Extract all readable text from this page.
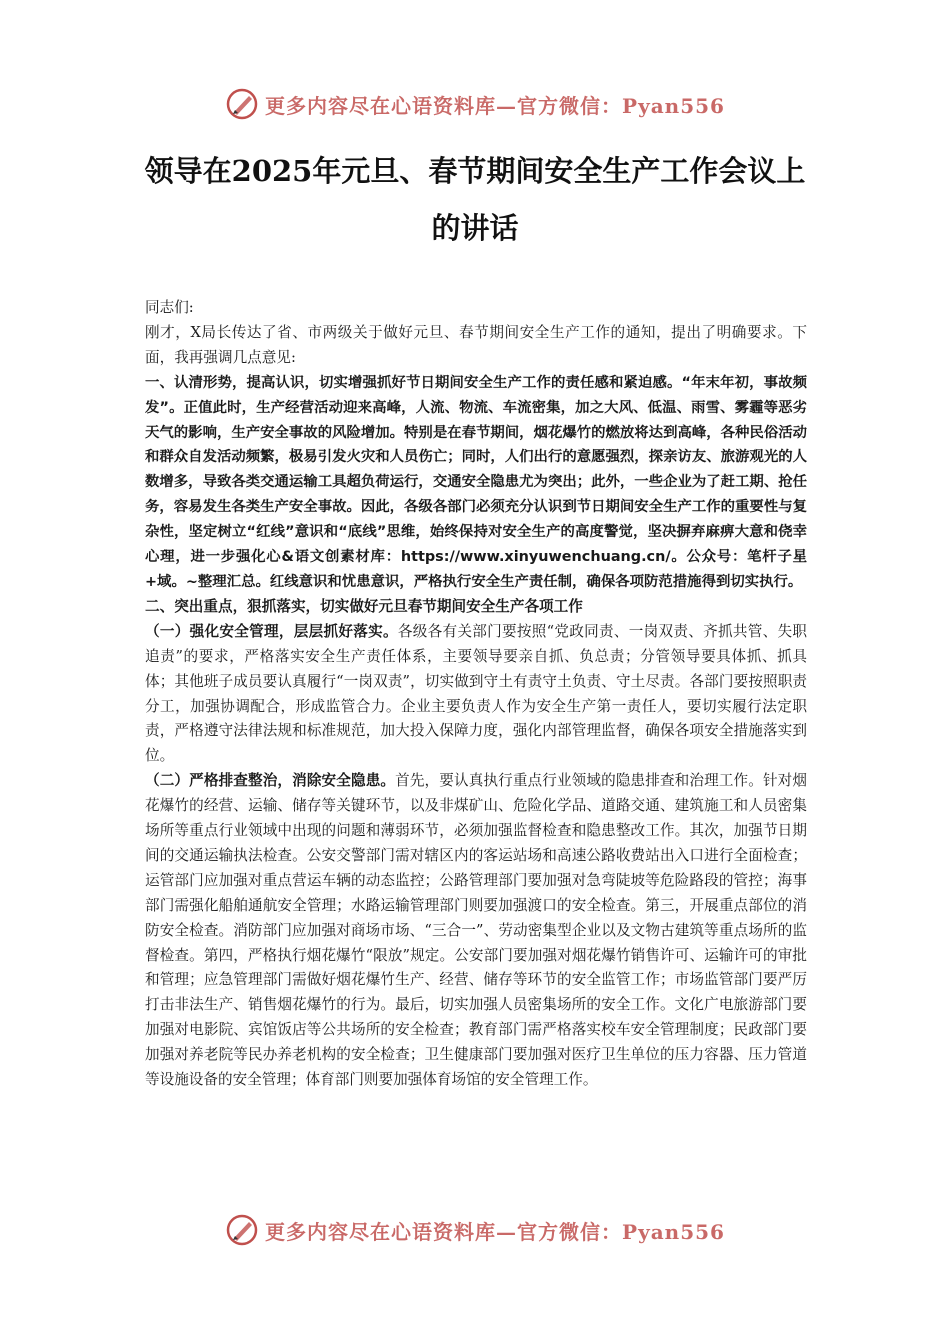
更多内容尽在心语资料库—官方微信：Pyan556
领导在2025年元旦、春节期间安全生产工作会议上的讲话

同志们:

刚才，X局长传达了省、市两级关于做好元旦、春节期间安全生产工作的通知，提出了明确要求。下面，我再强调几点意见:

一、认清形势，提高认识，切实增强抓好节日期间安全生产工作的责任感和紧迫感。“年末年初，事故频发”。正值此时，生产经营活动迎来高峰，人流、物流、车流密集，加之大风、低温、雨雪、雾霾等恶劣天气的影响，生产安全事故的风险增加。特别是在春节期间，烟花爆竹的燃放将达到高峰，各种民俗活动和群众自发活动频繁，极易引发火灾和人员伤亡；同时，人们出行的意愿强烈，探亲访友、旅游观光的人数增多，导致各类交通运输工具超负荷运行，交通安全隐患尤为突出；此外，一些企业为了赶工期、抢任务，容易发生各类生产安全事故。因此，各级各部门必须充分认识到节日期间安全生产工作的重要性与复杂性，坚定树立“红线”意识和“底线”思维，始终保持对安全生产的高度警觉，坚决摒弃麻痹大意和侥幸心理，进一步强化心&语文创素材库：https://www.xinyuwenchuang.cn/。公众号：笔杆子星+域。~整理汇总。红线意识和忧患意识，严格执行安全生产责任制，确保各项防范措施得到切实执行。

二、突出重点，狠抓落实，切实做好元旦春节期间安全生产各项工作

（一）强化安全管理，层层抓好落实。各级各有关部门要按照“党政同责、一岗双责、齐抓共管、失职追责”的要求，严格落实安全生产责任体系，主要领导要亲自抓、负总责；分管领导要具体抓、抓具体；其他班子成员要认真履行“一岗双责”，切实做到守土有责守土负责、守土尽责。各部门要按照职责分工，加强协调配合，形成监管合力。企业主要负责人作为安全生产第一责任人，要切实履行法定职责，严格遵守法律法规和标准规范，加大投入保障力度，强化内部管理监督，确保各项安全措施落实到位。

（二）严格排查整治，消除安全隐患。首先，要认真执行重点行业领域的隐患排查和治理工作。针对烟花爆竹的经营、运输、储存等关键环节，以及非煤矿山、危险化学品、道路交通、建筑施工和人员密集场所等重点行业领域中出现的问题和薄弱环节，必须加强监督检查和隐患整改工作。其次，加强节日期间的交通运输执法检查。公安交警部门需对辖区内的客运站场和高速公路收费站出入口进行全面检查；运管部门应加强对重点营运车辆的动态监控；公路管理部门要加强对急弯陡坡等危险路段的管控；海事部门需强化船舶通航安全管理；水路运输管理部门则要加强渡口的安全检查。第三，开展重点部位的消防安全检查。消防部门应加强对商场市场、“三合一”、劳动密集型企业以及文物古建筑等重点场所的监督检查。第四，严格执行烟花爆竹“限放”规定。公安部门要加强对烟花爆竹销售许可、运输许可的审批和管理；应急管理部门需做好烟花爆竹生产、经营、储存等环节的安全监管工作；市场监管部门要严厉打击非法生产、销售烟花爆竹的行为。最后，切实加强人员密集场所的安全工作。文化广电旅游部门要加强对电影院、宾馆饭店等公共场所的安全检查；教育部门需严格落实校车安全管理制度；民政部门要加强对养老院等民办养老机构的安全检查；卫生健康部门要加强对医疗卫生单位的压力容器、压力管道等设施设备的安全管理；体育部门则要加强体育场馆的安全管理工作。

更多内容尽在心语资料库—官方微信：Pyan556
